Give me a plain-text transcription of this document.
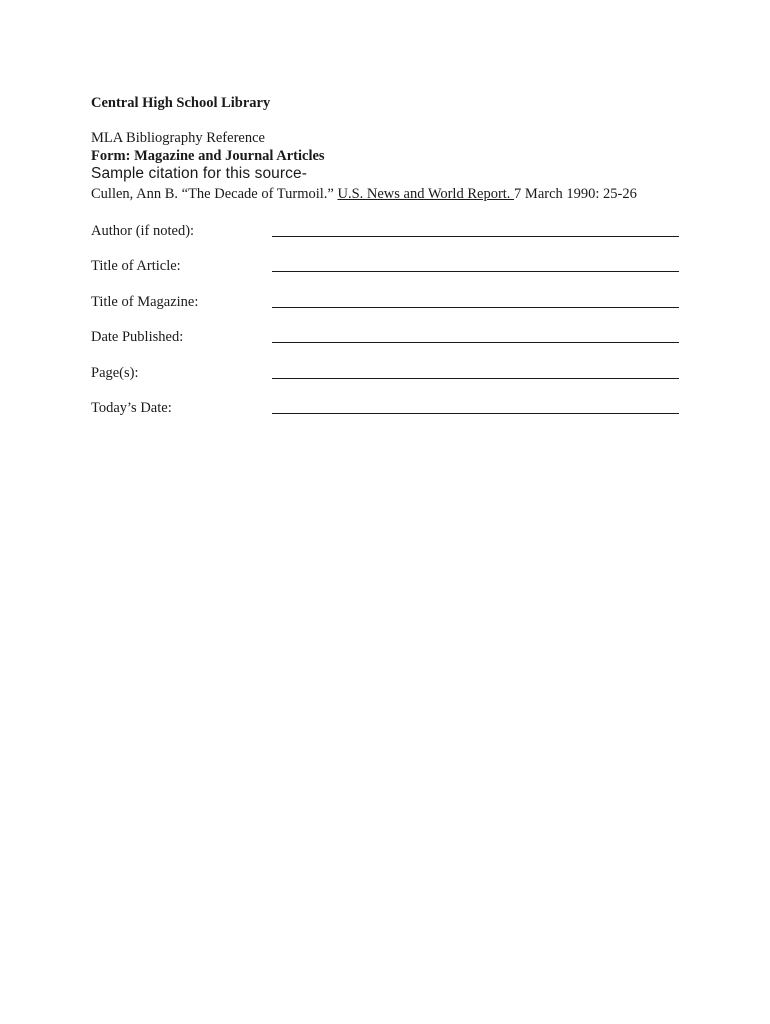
Central High School Library
MLA Bibliography Reference
Form: Magazine and Journal Articles
Sample citation for this source-
Cullen, Ann B. “The Decade of Turmoil.” U.S. News and World Report. 7 March 1990: 25-26
Author (if noted):
Title of Article:
Title of Magazine:
Date Published:
Page(s):
Today’s Date:
